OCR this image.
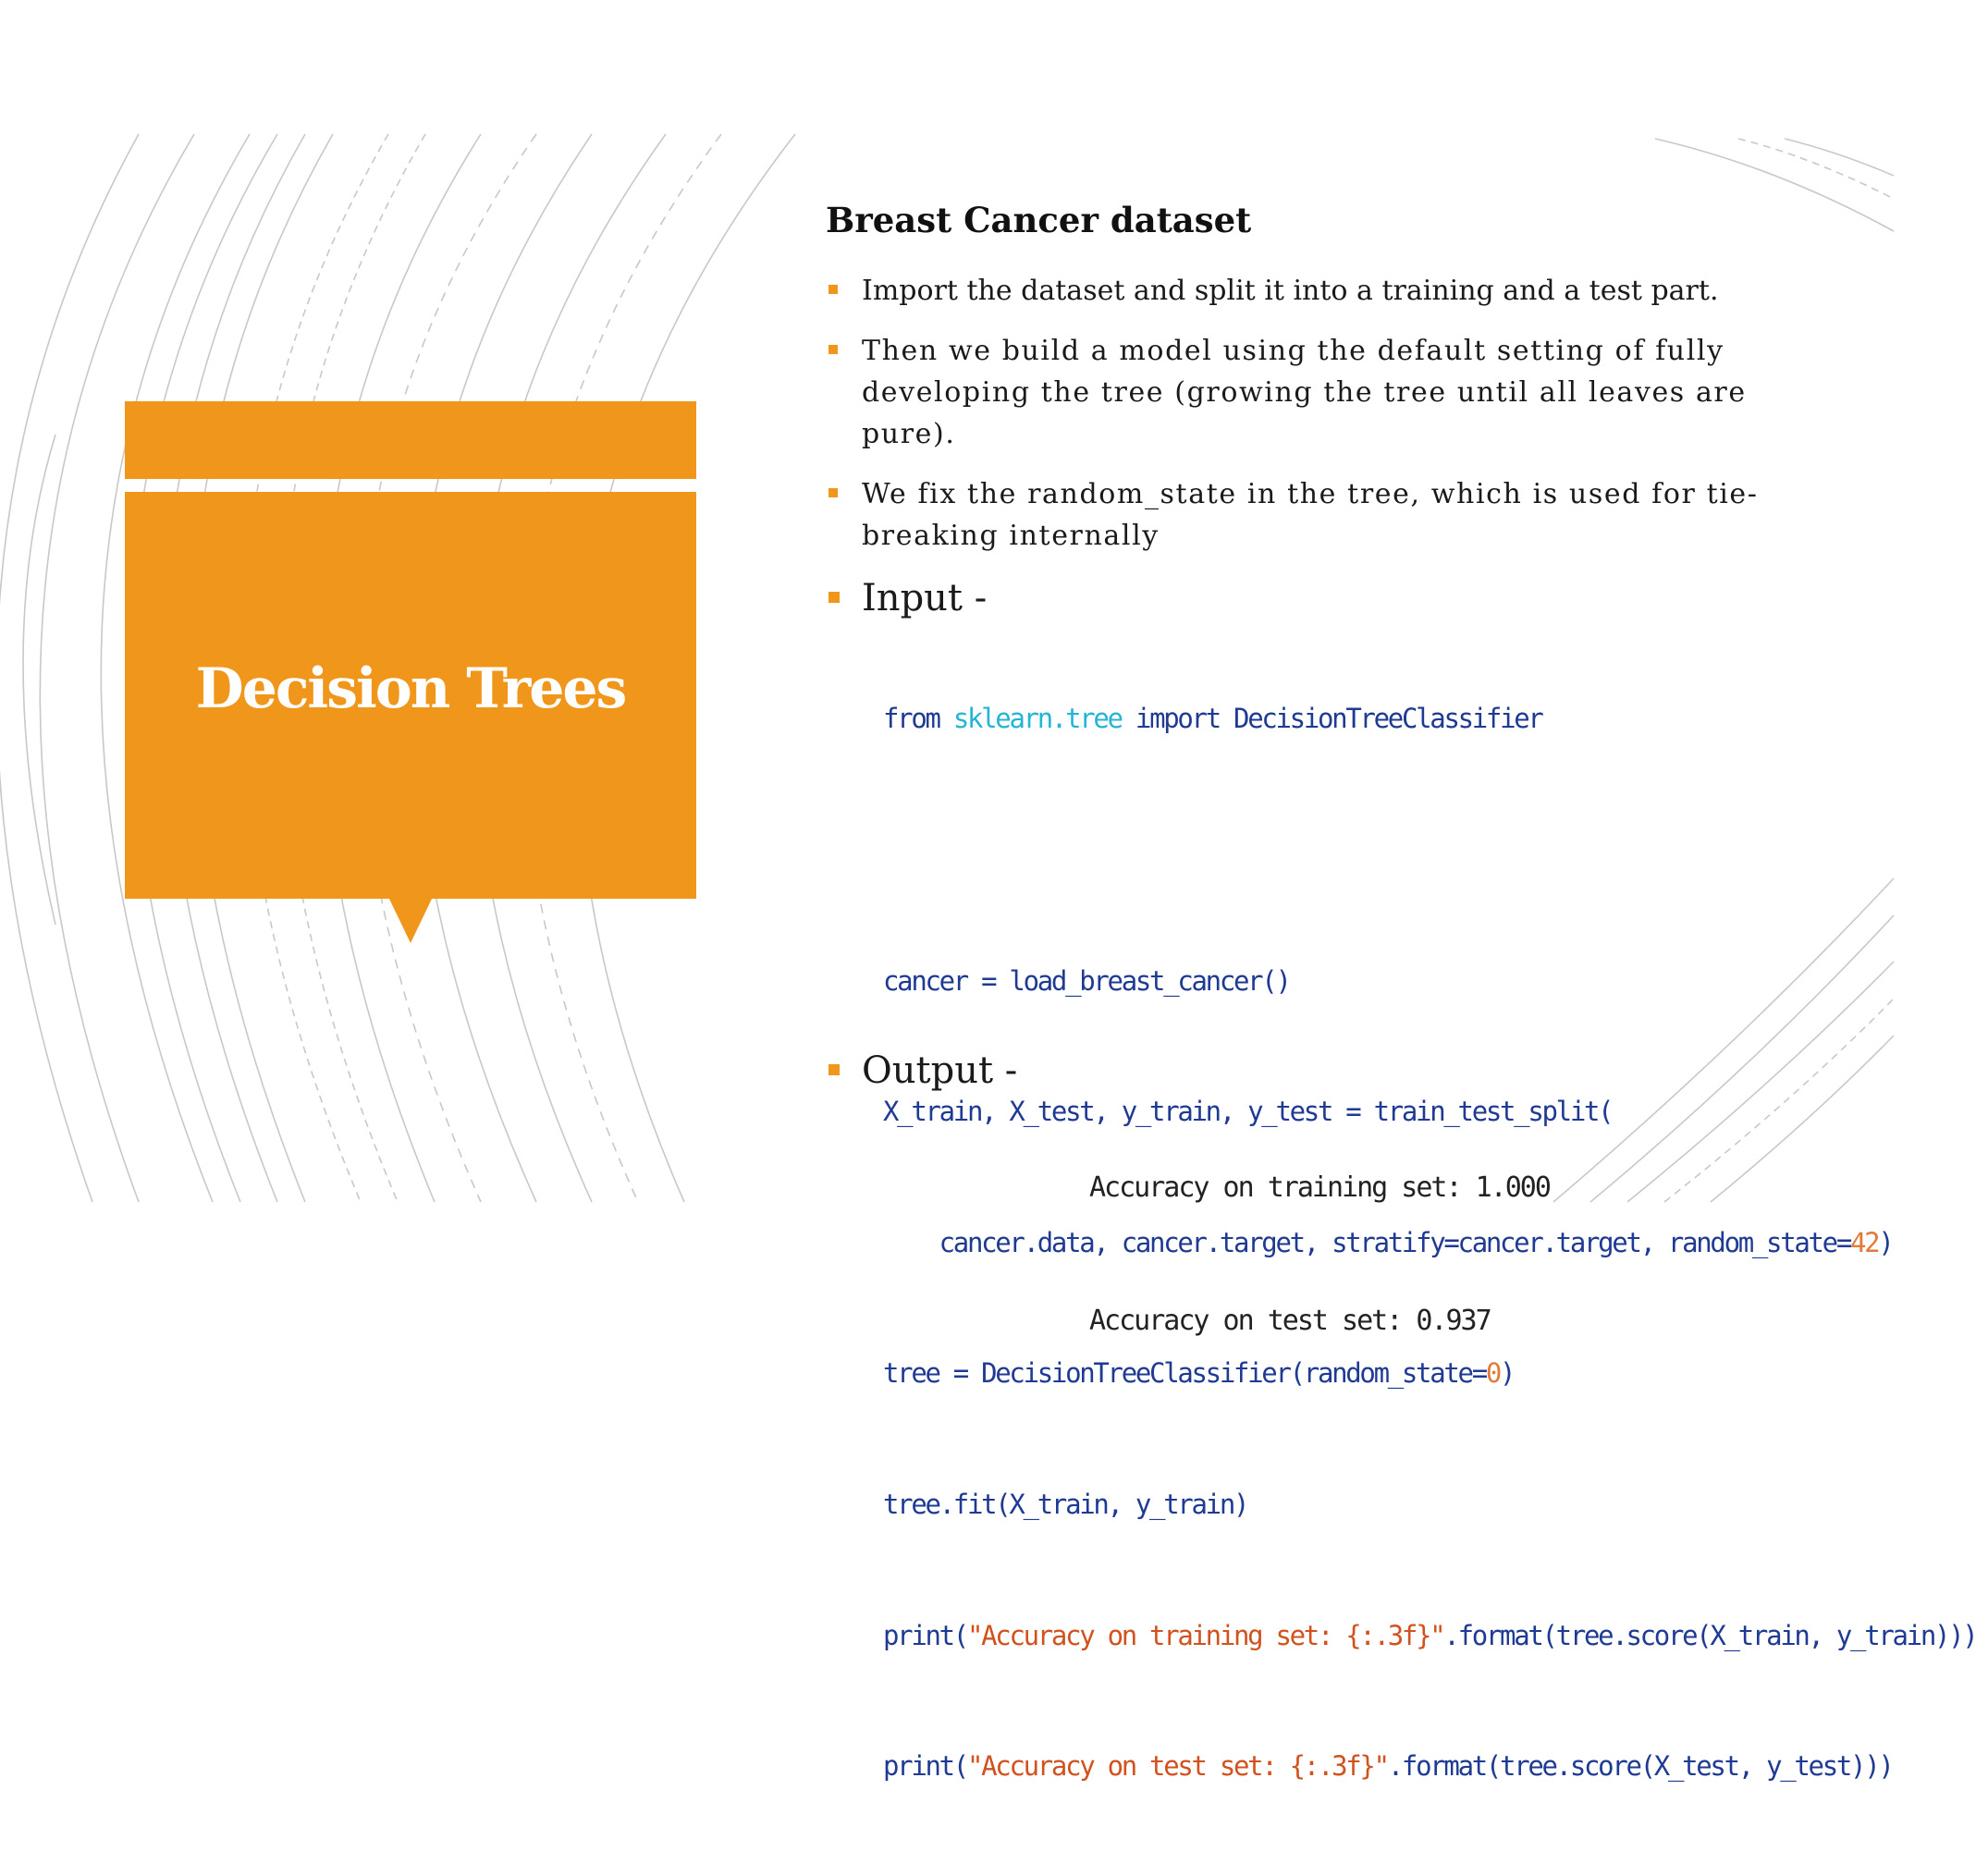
Decision Trees
Breast Cancer dataset
Import the dataset and split it into a training and a test part.
Then we build a model using the default setting of fully developing the tree (growing the tree until all leaves are pure).
We fix the random_state in the tree, which is used for tie-breaking internally
Input -

from sklearn.tree import DecisionTreeClassifier

cancer = load_breast_cancer()

X_train, X_test, y_train, y_test = train_test_split(

cancer.data, cancer.target, stratify=cancer.target, random_state=42)

tree = DecisionTreeClassifier(random_state=0)

tree.fit(X_train, y_train)

print("Accuracy on training set: {:.3f}".format(tree.score(X_train, y_train)))

print("Accuracy on test set: {:.3f}".format(tree.score(X_test, y_test)))

Output -

Accuracy on training set: 1.000

Accuracy on test set: 0.937
